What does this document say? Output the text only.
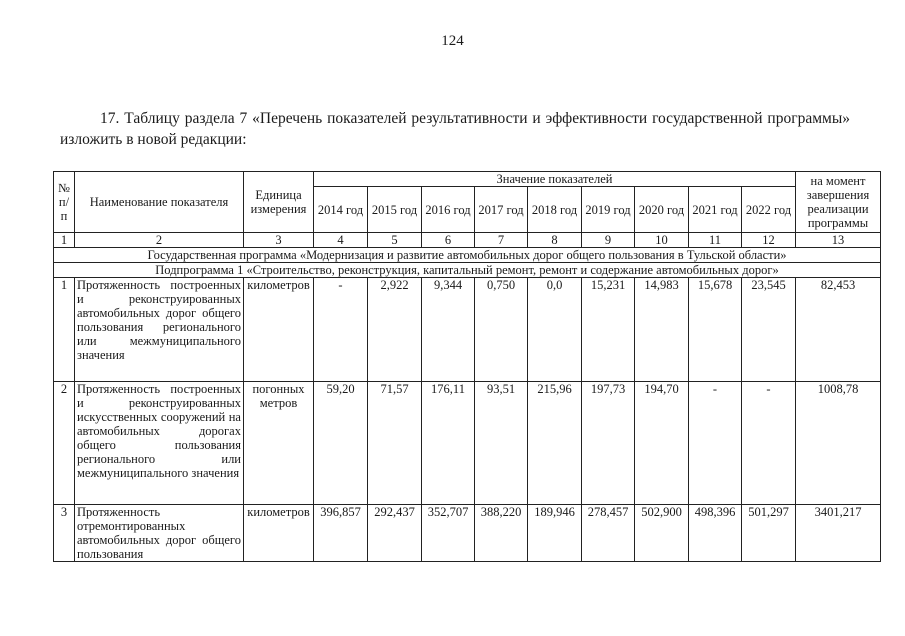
124
17. Таблицу раздела 7 «Перечень показателей результативности и эффективности государственной программы» изложить в новой редакции:
№ п/п	Наименование показателя	Единица измерения	Значение показателей									на момент завершения реализации программы
			2014 год	2015 год	2016 год	2017 год	2018 год	2019 год	2020 год	2021 год	2022 год	
1	2	3	4	5	6	7	8	9	10	11	12	13
Государственная программа «Модернизация и развитие автомобильных дорог общего пользования в Тульской области»												
Подпрограмма 1 «Строительство, реконструкция, капитальный ремонт, ремонт и содержание автомобильных дорог»												
1	Протяженность построенных и реконструированных автомобильных дорог общего пользования регионального или межмуниципального значения	километров	-	2,922	9,344	0,750	0,0	15,231	14,983	15,678	23,545	82,453
2	Протяженность построенных и реконструированных искусственных сооружений на автомобильных дорогах общего пользования регионального или межмуниципального значения	погонных метров	59,20	71,57	176,11	93,51	215,96	197,73	194,70	-	-	1008,78
3	Протяженность отремонтированных автомобильных дорог общего пользования	километров	396,857	292,437	352,707	388,220	189,946	278,457	502,900	498,396	501,297	3401,217
